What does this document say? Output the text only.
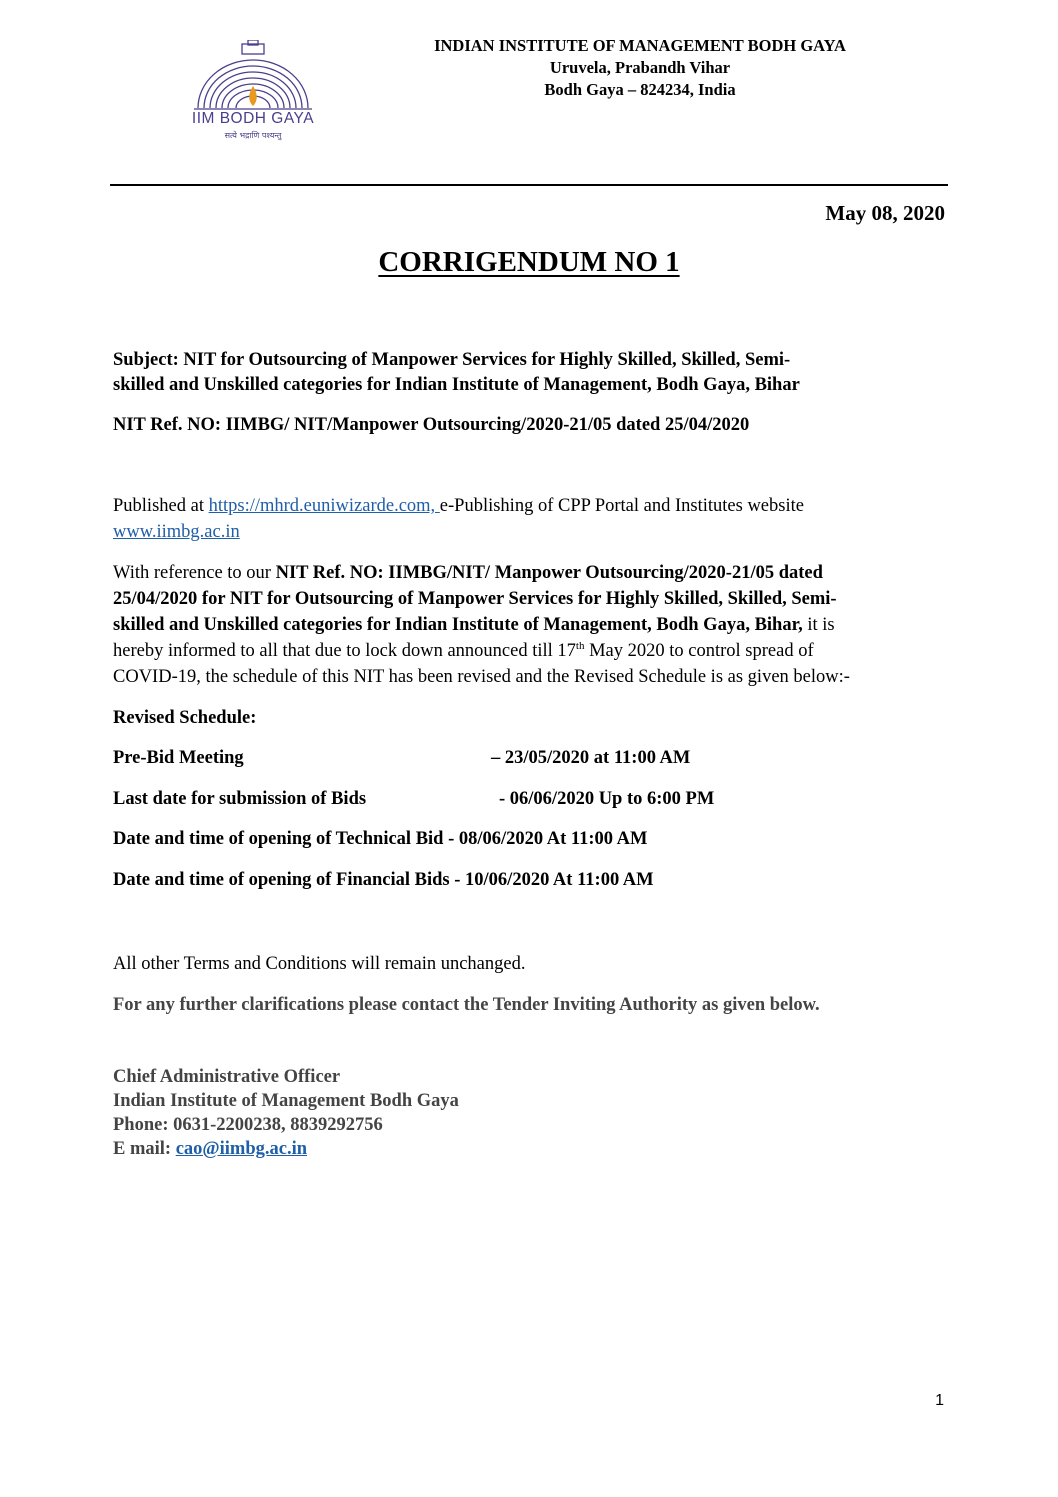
IIM BODH GAYA
सत्ये भद्राणि पश्यन्तु
INDIAN INSTITUTE OF MANAGEMENT BODH GAYA
Uruvela, Prabandh Vihar
Bodh Gaya – 824234, India
May 08, 2020
CORRIGENDUM NO 1
Subject: NIT for Outsourcing of Manpower Services for Highly Skilled, Skilled, Semi-
skilled and Unskilled categories for Indian Institute of Management, Bodh Gaya, Bihar
NIT Ref. NO: IIMBG/ NIT/Manpower Outsourcing/2020-21/05 dated 25/04/2020
Published at https://mhrd.euniwizarde.com, e-Publishing of CPP Portal and Institutes website
www.iimbg.ac.in
With reference to our NIT Ref. NO: IIMBG/NIT/ Manpower Outsourcing/2020-21/05 dated
25/04/2020 for NIT for Outsourcing of Manpower Services for Highly Skilled, Skilled, Semi-
skilled and Unskilled categories for Indian Institute of Management, Bodh Gaya, Bihar, it is
hereby informed to all that due to lock down announced till 17th May 2020 to control spread of
COVID-19, the schedule of this NIT has been revised and the Revised Schedule is as given below:-
Revised Schedule:
Pre-Bid Meeting	– 23/05/2020 at 11:00 AM
Last date for submission of Bids	- 06/06/2020 Up to 6:00 PM
Date and time of opening of Technical Bid - 08/06/2020 At 11:00 AM
Date and time of opening of Financial Bids - 10/06/2020 At 11:00 AM
All other Terms and Conditions will remain unchanged.
For any further clarifications please contact the Tender Inviting Authority as given below.
Chief Administrative Officer
Indian Institute of Management Bodh Gaya
Phone: 0631-2200238, 8839292756
E mail: cao@iimbg.ac.in
1
